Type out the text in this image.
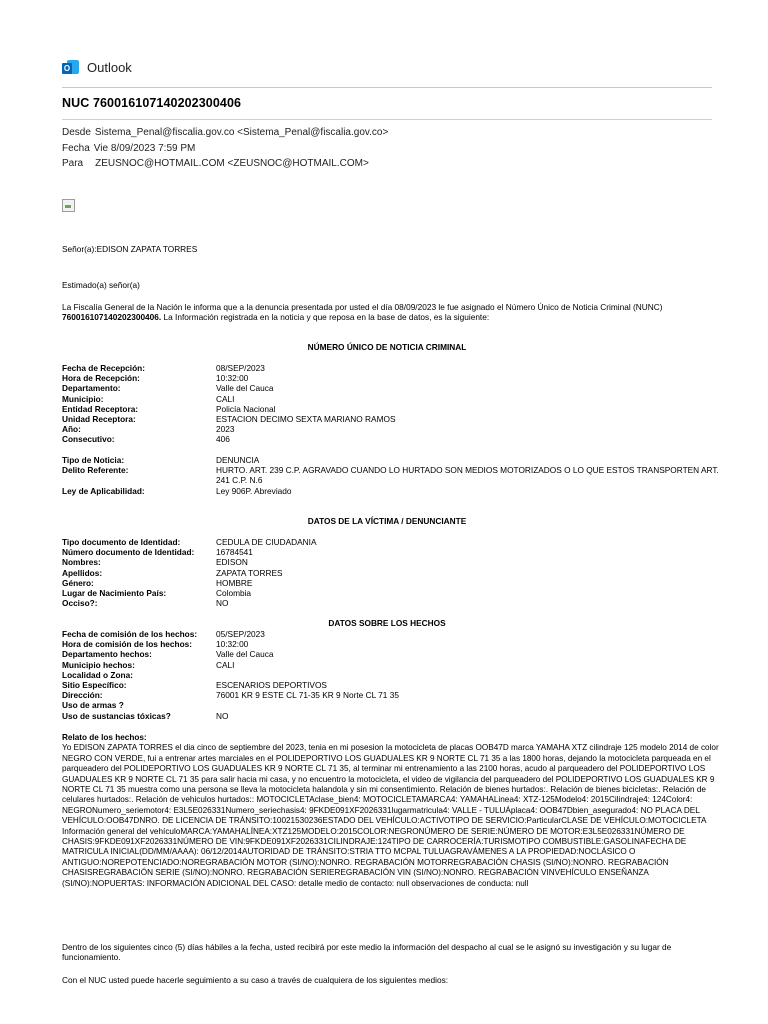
O Outlook
NUC 760016107140202300406
Desde Sistema_Penal@fiscalia.gov.co <Sistema_Penal@fiscalia.gov.co>
Fecha Vie 8/09/2023 7:59 PM
Para ZEUSNOC@HOTMAIL.COM <ZEUSNOC@HOTMAIL.COM>
Señor(a):EDISON ZAPATA TORRES
Estimado(a) señor(a)
La Fiscalía General de la Nación le informa que a la denuncia presentada por usted el día 08/09/2023 le fue asignado el Número Único de Noticia Criminal (NUNC) 760016107140202300406. La Información registrada en la noticia y que reposa en la base de datos, es la siguiente:
NÚMERO ÚNICO DE NOTICIA CRIMINAL
Fecha de Recepción:	08/SEP/2023
Hora de Recepción:	10:32:00
Departamento:	Valle del Cauca
Municipio:	CALI
Entidad Receptora:	Policía Nacional
Unidad Receptora:	ESTACION DECIMO SEXTA MARIANO RAMOS
Año:	2023
Consecutivo:	406
Tipo de Noticia:	DENUNCIA
Delito Referente:	HURTO. ART. 239 C.P. AGRAVADO CUANDO LO HURTADO SON MEDIOS MOTORIZADOS O LO QUE ESTOS TRANSPORTEN ART. 241 C.P. N.6
Ley de Aplicabilidad:	Ley 906P. Abreviado
DATOS DE LA VÍCTIMA / DENUNCIANTE
Tipo documento de Identidad:	CEDULA DE CIUDADANIA
Número documento de Identidad:	16784541
Nombres:	EDISON
Apellidos:	ZAPATA TORRES
Género:	HOMBRE
Lugar de Nacimiento País:	Colombia
Occiso?:	NO
DATOS SOBRE LOS HECHOS
Fecha de comisión de los hechos:	05/SEP/2023
Hora de comisión de los hechos:	10:32:00
Departamento hechos:	Valle del Cauca
Municipio hechos:	CALI
Localidad o Zona:
Sitio Específico:	ESCENARIOS DEPORTIVOS
Dirección:	76001 KR 9 ESTE CL 71-35 KR 9 Norte CL 71 35
Uso de armas ?
Uso de sustancias tóxicas?	NO
Relato de los hechos:
Yo EDISON ZAPATA TORRES el dia cinco de septiembre del 2023, tenia en mi posesion la motocicleta de placas OOB47D marca YAMAHA XTZ cilindraje 125 modelo 2014 de color NEGRO CON VERDE, fui a entrenar artes marciales en el POLIDEPORTIVO LOS GUADUALES KR 9 NORTE CL 71 35 a las 1800 horas, dejando la motocicleta parqueada en el parqueadero del POLIDEPORTIVO LOS GUADUALES KR 9 NORTE CL 71 35, al terminar mi entrenamiento a las 2100 horas, acudo al parqueadero del POLIDEPORTIVO LOS GUADUALES KR 9 NORTE CL 71 35 para salir hacia mi casa, y no encuentro la motocicleta, el video de vigilancia del parqueadero del POLIDEPORTIVO LOS GUADUALES KR 9 NORTE CL 71 35 muestra como una persona se lleva la motocicleta halandola y sin mi consentimiento. Relación de bienes hurtados:. Relación de bienes bicicletas:. Relación de celulares hurtados:. Relación de vehiculos hurtados:: MOTOCICLETAclase_bien4: MOTOCICLETAMARCA4: YAMAHALinea4: XTZ-125Modelo4: 2015Cilindraje4: 124Color4: NEGRONumero_seriemotor4: E3L5E026331Numero_seriechasis4: 9FKDE091XF2026331lugarmatricula4: VALLE - TULUÁplaca4: OOB47Dbien_asegurado4: NO PLACA DEL VEHÍCULO:OOB47DNRO. DE LICENCIA DE TRÁNSITO:10021530236ESTADO DEL VEHÍCULO:ACTIVOTIPO DE SERVICIO:ParticularCLASE DE VEHÍCULO:MOTOCICLETA Información general del vehículoMARCA:YAMAHALÍNEA:XTZ125MODELO:2015COLOR:NEGRONÚMERO DE SERIE:NÚMERO DE MOTOR:E3L5E026331NÚMERO DE CHASIS:9FKDE091XF2026331NÚMERO DE VIN:9FKDE091XF2026331CILINDRAJE:124TIPO DE CARROCERÍA:TURISMOTIPO COMBUSTIBLE:GASOLINAFECHA DE MATRICULA INICIAL(DD/MM/AAAA): 06/12/2014AUTORIDAD DE TRÁNSITO:STRIA TTO MCPAL TULUAGRAVÁMENES A LA PROPIEDAD:NOCLÁSICO O ANTIGUO:NOREPOTENCIADO:NOREGRABACIÓN MOTOR (SI/NO):NONRO. REGRABACIÓN MOTORREGRABACIÓN CHASIS (SI/NO):NONRO. REGRABACIÓN CHASISREGRABACIÓN SERIE (SI/NO):NONRO. REGRABACIÓN SERIEREGRABACIÓN VIN (SI/NO):NONRO. REGRABACIÓN VINVEHÍCULO ENSEÑANZA (SI/NO):NOPUERTAS: INFORMACIÓN ADICIONAL DEL CASO: detalle medio de contacto: null observaciones de conducta: null
Dentro de los siguientes cinco (5) días hábiles a la fecha, usted recibirá por este medio la información del despacho al cual se le asignó su investigación y su lugar de funcionamiento.
Con el NUC usted puede hacerle seguimiento a su caso a través de cualquiera de los siguientes medios:
